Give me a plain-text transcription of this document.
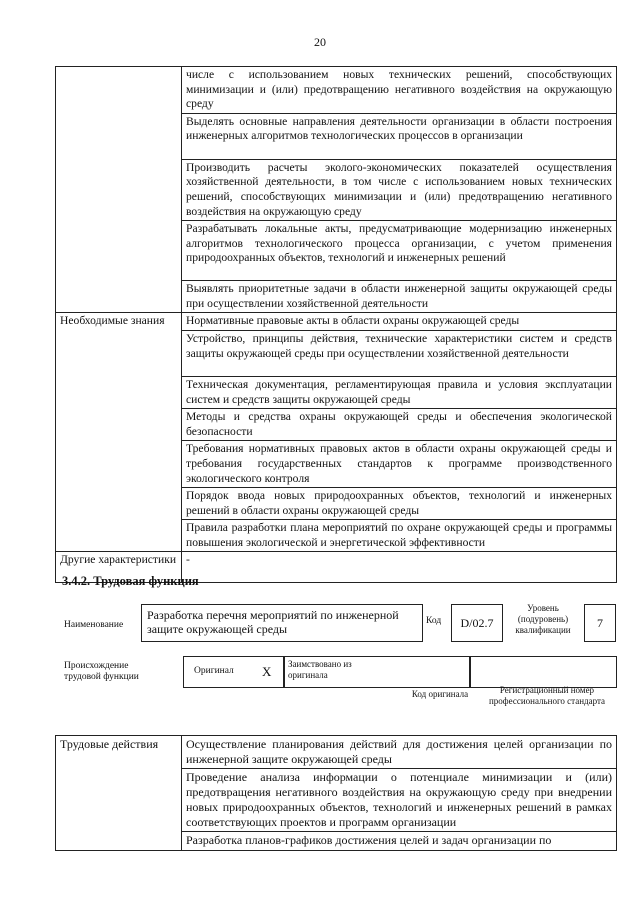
20

	числе с использованием новых технических решений, способствующих минимизации и (или) предотвращению негативного воздействия на окружающую среду

	Выделять основные направления деятельности организации в области построения инженерных алгоритмов технологических процессов в организации

	Производить расчеты эколого-экономических показателей осуществления хозяйственной деятельности, в том числе с использованием новых технических решений, способствующих минимизации и (или) предотвращению негативного воздействия на окружающую среду

	Разрабатывать локальные акты, предусматривающие модернизацию инженерных алгоритмов технологического процесса организации, с учетом применения природоохранных объектов, технологий и инженерных решений

	Выявлять приоритетные задачи в области инженерной защиты окружающей среды при осуществлении хозяйственной деятельности

Необходимые знания	Нормативные правовые акты в области охраны окружающей среды

	Устройство, принципы действия, технические характеристики систем и средств защиты окружающей среды при осуществлении хозяйственной деятельности

	Техническая документация, регламентирующая правила и условия эксплуатации систем и средств защиты окружающей среды

	Методы и средства охраны окружающей среды и обеспечения экологической безопасности

	Требования нормативных правовых актов в области охраны окружающей среды и требования государственных стандартов к программе производственного экологического контроля

	Порядок ввода новых природоохранных объектов, технологий и инженерных решений в области охраны окружающей среды

	Правила разработки плана мероприятий по охране окружающей среды и программы повышения экологической и энергетической эффективности

Другие характеристики	-
3.4.2. Трудовая функция
Наименование
Разработка перечня мероприятий по инженерной защите окружающей среды
Код	D/02.7
Уровень (подуровень) квалификации	7
Происхождение трудовой функции
Оригинал X	Заимствовано из оригинала
Код оригинала	Регистрационный номер профессионального стандарта
Трудовые действия	Осуществление планирования действий для достижения целей организации по инженерной защите окружающей среды

Проведение анализа информации о потенциале минимизации и (или) предотвращения негативного воздействия на окружающую среду при внедрении новых природоохранных объектов, технологий и инженерных решений в рамках соответствующих проектов и программ организации

Разработка планов-графиков достижения целей и задач организации по
